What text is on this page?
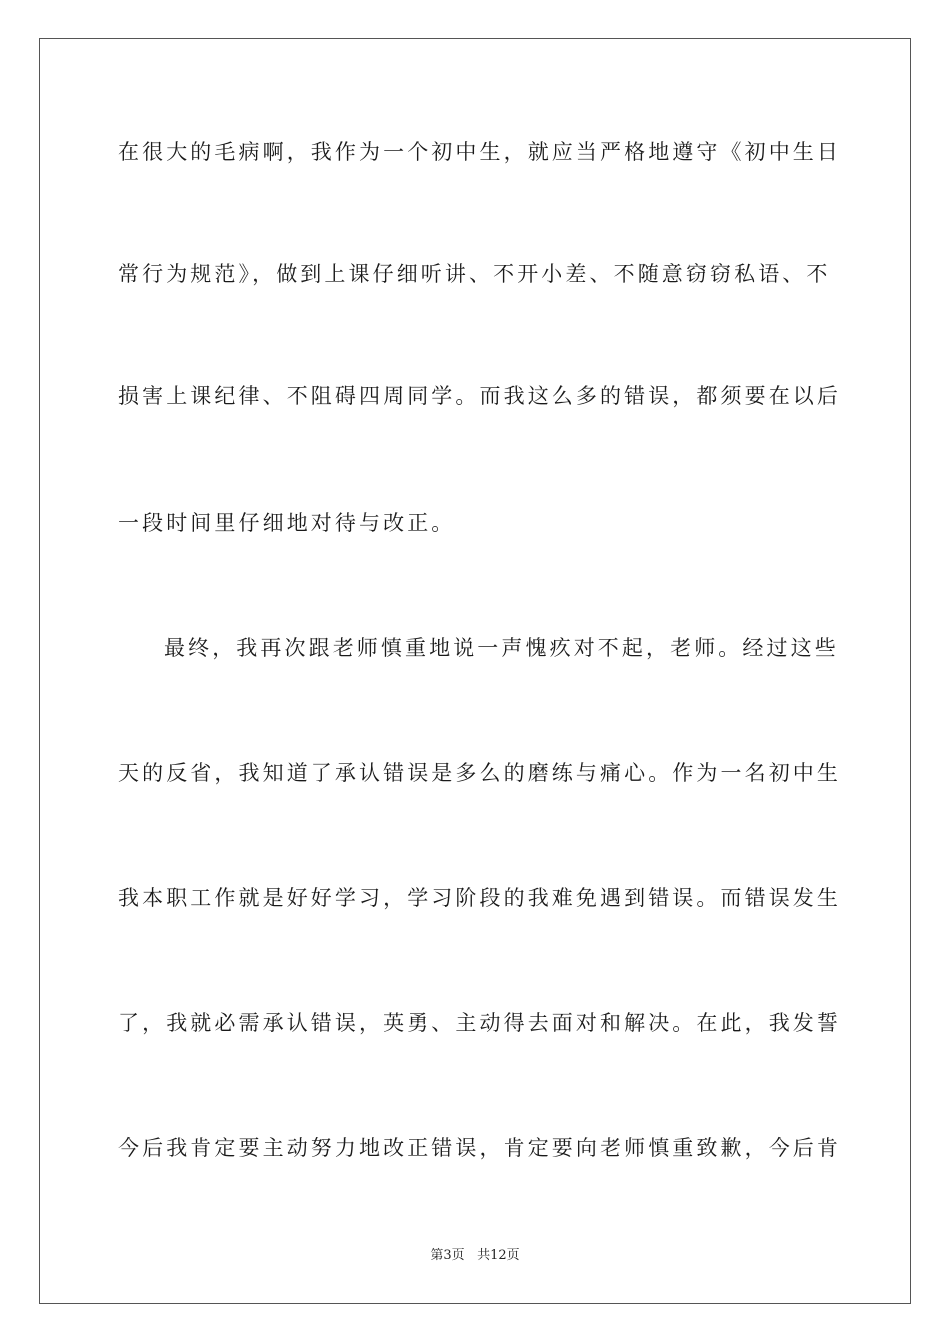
在很大的毛病啊，我作为一个初中生，就应当严格地遵守《初中生日
常行为规范》，做到上课仔细听讲、不开小差、不随意窃窃私语、不
损害上课纪律、不阻碍四周同学。而我这么多的错误，都须要在以后
一段时间里仔细地对待与改正。
最终，我再次跟老师慎重地说一声愧疚对不起，老师。经过这些
天的反省，我知道了承认错误是多么的磨练与痛心。作为一名初中生
我本职工作就是好好学习，学习阶段的我难免遇到错误。而错误发生
了，我就必需承认错误，英勇、主动得去面对和解决。在此，我发誓
今后我肯定要主动努力地改正错误，肯定要向老师慎重致歉，今后肯
第3页 共12页
